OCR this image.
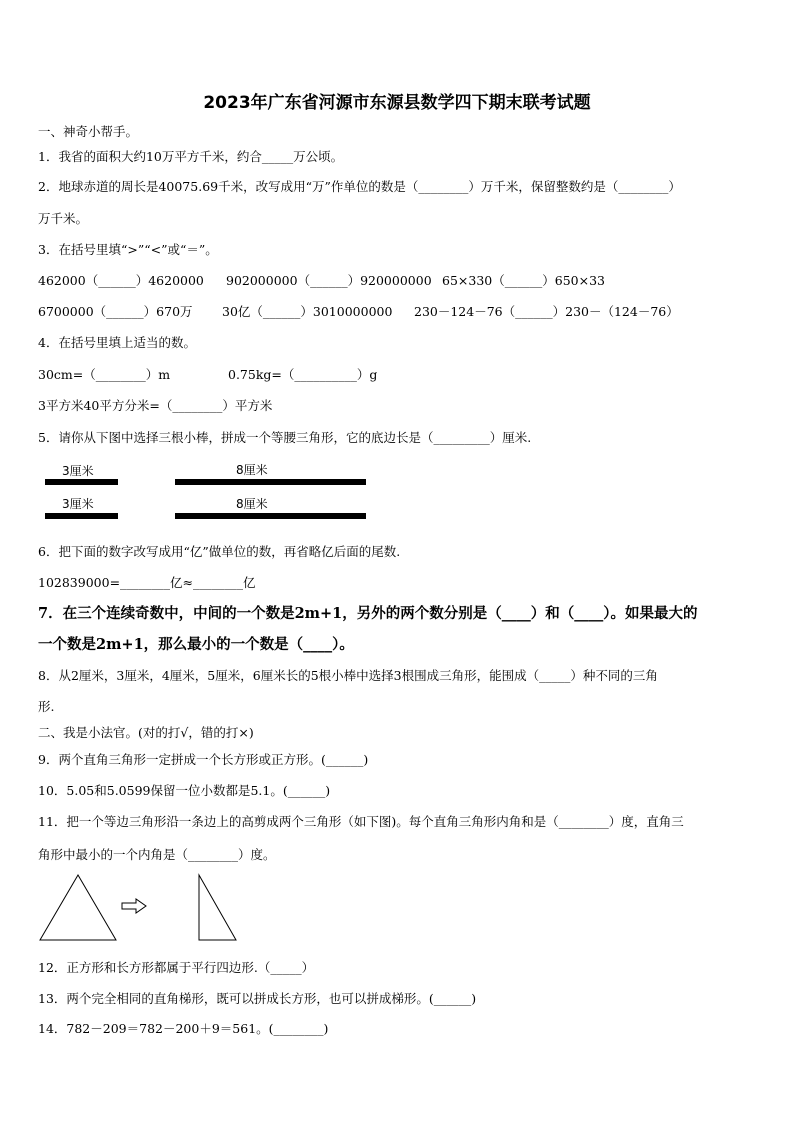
2023年广东省河源市东源县数学四下期末联考试题
一、神奇小帮手。
1．我省的面积大约10万平方千米，约合_____万公顷。
2．地球赤道的周长是40075.69千米，改写成用“万”作单位的数是（________）万千米，保留整数约是（________）
万千米。
3．在括号里填“>”“<”或“＝”。
462000（______）4620000 902000000（______）920000000 65×330（______）650×33
6700000（______）670万 30亿（______）3010000000 230－124－76（______）230－（124－76）
4．在括号里填上适当的数。
30cm=（________）m	0.75kg=（__________）g
3平方米40平方分米=（________）平方米
5．请你从下图中选择三根小棒，拼成一个等腰三角形，它的底边长是（_________）厘米.
3厘米	8厘米
3厘米	8厘米
6．把下面的数字改写成用“亿”做单位的数，再省略亿后面的尾数.
102839000=________亿≈________亿
7．在三个连续奇数中，中间的一个数是2m+1，另外的两个数分别是（____）和（____）。如果最大的
一个数是2m+1，那么最小的一个数是（____）。
8．从2厘米，3厘米，4厘米，5厘米，6厘米长的5根小棒中选择3根围成三角形，能围成（_____）种不同的三角
形.
二、我是小法官。(对的打√，错的打×)
9．两个直角三角形一定拼成一个长方形或正方形。(______)
10．5.05和5.0599保留一位小数都是5.1。(______)
11．把一个等边三角形沿一条边上的高剪成两个三角形（如下图)。每个直角三角形内角和是（________）度，直角三
角形中最小的一个内角是（________）度。
12．正方形和长方形都属于平行四边形.（_____）
13．两个完全相同的直角梯形，既可以拼成长方形，也可以拼成梯形。(______)
14．782－209＝782－200＋9＝561。(________)
